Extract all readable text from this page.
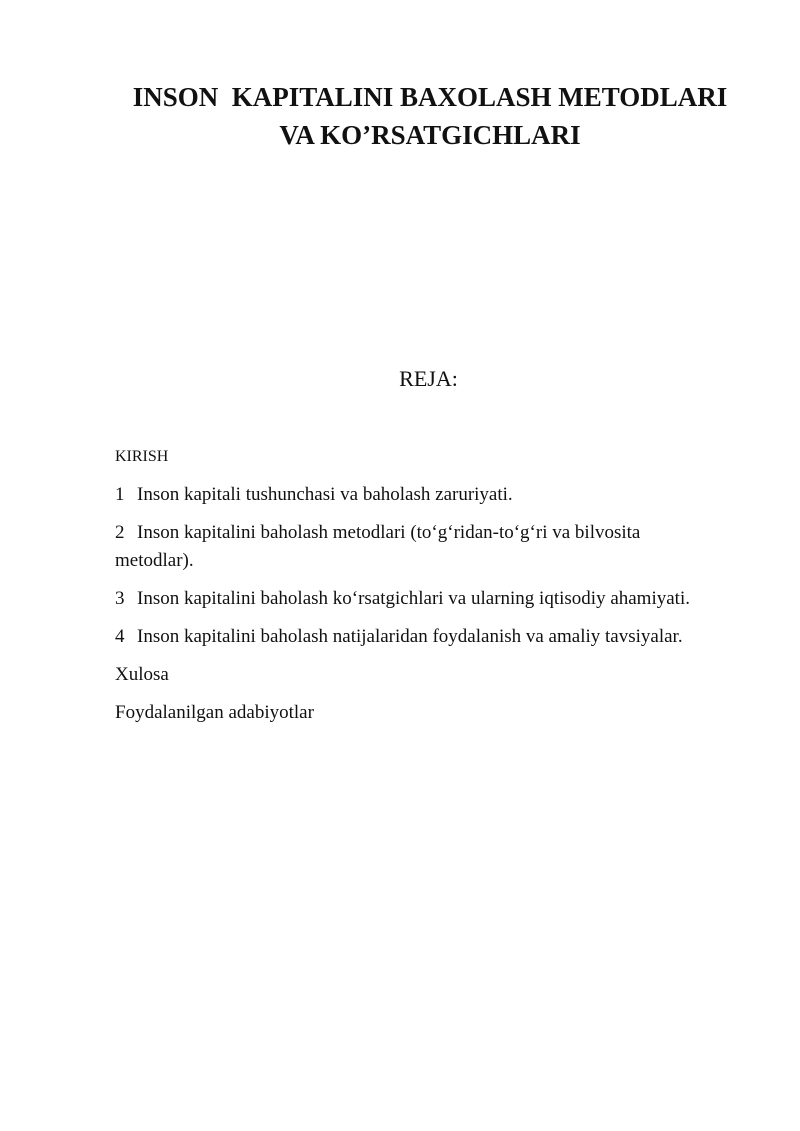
INSON  KAPITALINI BAXOLASH METODLARI VA KO’RSATGICHLARI
REJA:

KIRISH

1 Inson kapitali tushunchasi va baholash zaruriyati.
2 Inson kapitalini baholash metodlari (to‘g‘ridan-to‘g‘ri va bilvosita metodlar).
3 Inson kapitalini baholash ko‘rsatgichlari va ularning iqtisodiy ahamiyati.
4 Inson kapitalini baholash natijalaridan foydalanish va amaliy tavsiyalar.
Xulosa
Foydalanilgan adabiyotlar
